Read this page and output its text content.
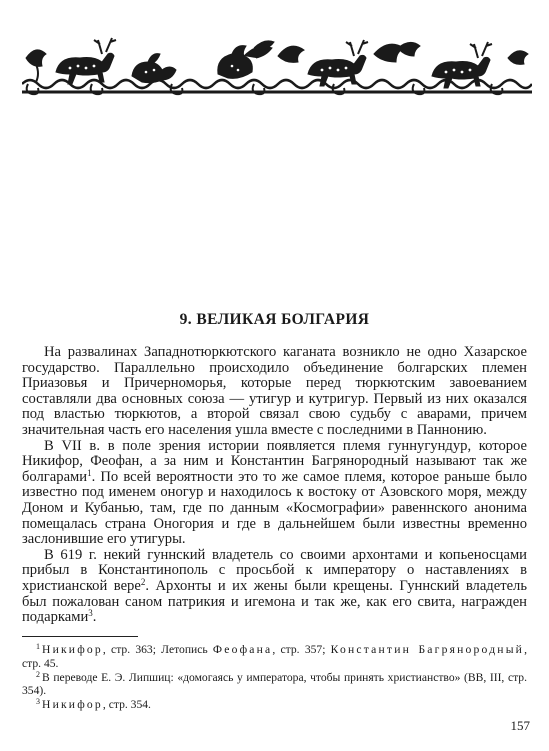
9. ВЕЛИКАЯ БОЛГАРИЯ

На развалинах Западнотюркютского каганата возникло не одно Хазарское государство. Параллельно происходило объединение болгарских племен Приазовья и Причерноморья, которые перед тюркютским завоеванием составляли два основных союза — утигур и кутригур. Первый из них оказался под властью тюркютов, а второй связал свою судьбу с аварами, причем значительная часть его населения ушла вместе с последними в Паннонию.

В VII в. в поле зрения истории появляется племя гуннугундур, которое Никифор, Феофан, а за ним и Константин Багрянородный называют так же болгарами$^1$. По всей вероятности это то же самое племя, которое раньше было известно под именем оногур и находилось к востоку от Азовского моря, между Доном и Кубанью, там, где по данным «Космографии» равеннского анонима помещалась страна Оногория и где в дальнейшем были известны временно заслонившие его утигуры.

В 619 г. некий гуннский владетель со своими архонтами и копьеносцами прибыл в Константинополь с просьбой к императору о наставлениях в христианской вере$^2$. Архонты и их жены были крещены. Гуннский владетель был пожалован саном патрикия и игемона и так же, как его свита, награжден подарками$^3$.

$^1$ Никифор, стр. 363; Летопись Феофана, стр. 357; Константин Багрянородный, стр. 45.

$^2$ В переводе Е. Э. Липшиц: «домогаясь у императора, чтобы принять христианство» (ВВ, III, стр. 354).

$^3$ Никифор, стр. 354.

157
